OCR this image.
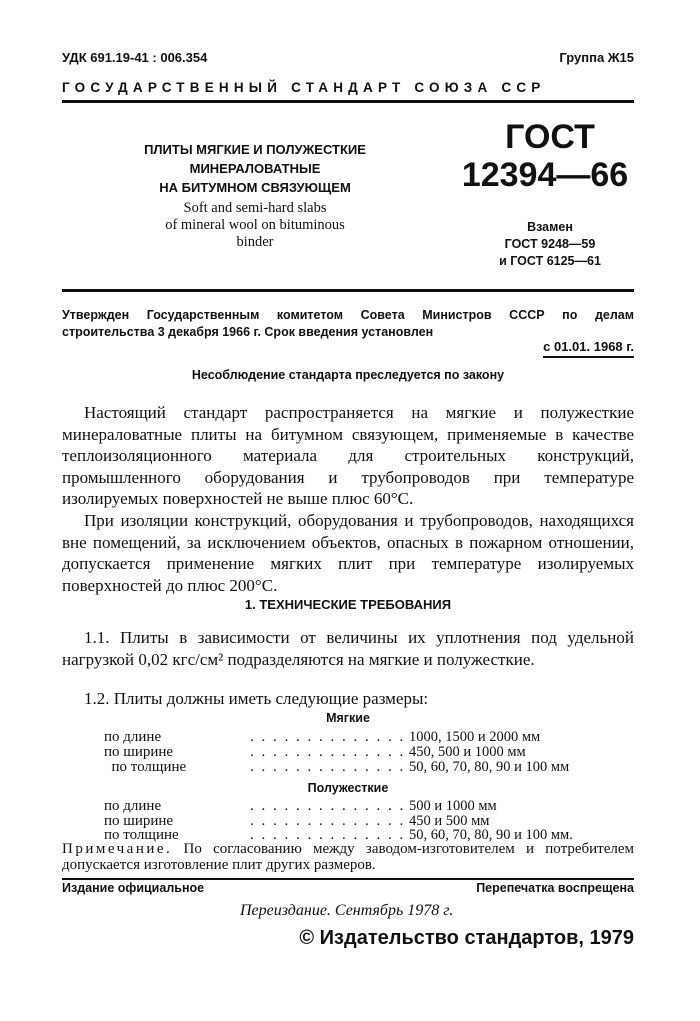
УДК 691.19-41 : 006.354	Группа Ж15
ГОСУДАРСТВЕННЫЙ СТАНДАРТ СОЮЗА ССР
ПЛИТЫ МЯГКИЕ И ПОЛУЖЕСТКИЕ
МИНЕРАЛОВАТНЫЕ
НА БИТУМНОМ СВЯЗУЮЩЕМ
Soft and semi-hard slabs
of mineral wool on bituminous
binder
ГОСТ
12394—66
Взамен
ГОСТ 9248—59
и ГОСТ 6125—61
Утвержден Государственным комитетом Совета Министров СССР по делам
строительства 3 декабря 1966 г. Срок введения установлен
с 01.01. 1968 г.
Несоблюдение стандарта преследуется по закону
Настоящий стандарт распространяется на мягкие и полужесткие минераловатные плиты на битумном связующем, применяемые в качестве теплоизоляционного материала для строительных конструкций, промышленного оборудования и трубопроводов при температуре изолируемых поверхностей не выше плюс 60°C.
При изоляции конструкций, оборудования и трубопроводов, находящихся вне помещений, за исключением объектов, опасных в пожарном отношении, допускается применение мягких плит при температуре изолируемых поверхностей до плюс 200°C.
1. ТЕХНИЧЕСКИЕ ТРЕБОВАНИЯ
1.1. Плиты в зависимости от величины их уплотнения под удельной нагрузкой 0,02 кгс/см² подразделяются на мягкие и полужесткие.
1.2. Плиты должны иметь следующие размеры:
Мягкие
по длине	. . . . . . . . . . . . . . 1000, 1500 и 2000 мм
по ширине	. . . . . . . . . . . . . . 450, 500 и 1000 мм
по толщине	. . . . . . . . . . . . . . 50, 60, 70, 80, 90 и 100 мм
Полужесткие
по длине	. . . . . . . . . . . . . . 500 и 1000 мм
по ширине	. . . . . . . . . . . . . . 450 и 500 мм
по толщине	. . . . . . . . . . . . . . 50, 60, 70, 80, 90 и 100 мм.
Примечание. По согласованию между заводом-изготовителем и потребителем допускается изготовление плит других размеров.
Издание официальное	Перепечатка воспрещена
Переиздание. Сентябрь 1978 г.
© Издательство стандартов, 1979
